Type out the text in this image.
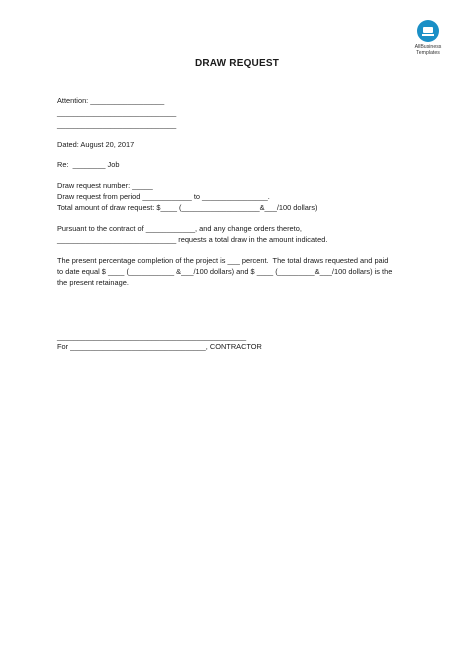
AllBusiness
Templates
DRAW REQUEST
Attention: __________________
_____________________________
_____________________________
Dated: August 20, 2017
Re:  ________ Job
Draw request number: _____
Draw request from period ____________ to ________________.
Total amount of draw request: $____ (___________________&___/100 dollars)
Pursuant to the contract of ____________, and any change orders thereto,
_____________________________ requests a total draw in the amount indicated.
The present percentage completion of the project is ___ percent.  The total draws requested and paid
to date equal $ ____ (___________ &___/100 dollars) and $ ____ (_________&___/100 dollars) is the
the present retainage.
______________________________________________
For _________________________________, CONTRACTOR
